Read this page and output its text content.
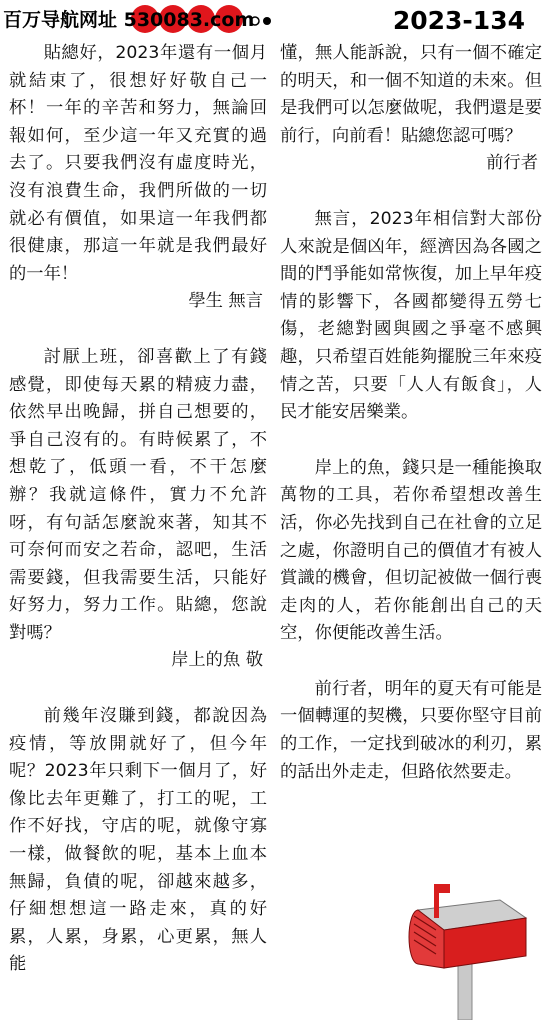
百万导航网址 530083.com	2023-134

貼總好，2023年還有一個月就結束了，很想好好敬自己一杯！一年的辛苦和努力，無論回報如何，至少這一年又充實的過去了。只要我們沒有虛度時光，沒有浪費生命，我們所做的一切就必有價值，如果這一年我們都很健康，那這一年就是我們最好的一年！

學生 無言

討厭上班，卻喜歡上了有錢感覺，即使每天累的精疲力盡，依然早出晚歸，拼自己想要的，爭自己沒有的。有時候累了，不想乾了，低頭一看，不干怎麼辦？我就這條件，實力不允許呀，有句話怎麼說來著，知其不可奈何而安之若命，認吧，生活需要錢，但我需要生活，只能好好努力，努力工作。貼總，您說對嗎？

岸上的魚 敬

前幾年沒賺到錢，都說因為疫情，等放開就好了，但今年呢？2023年只剩下一個月了，好像比去年更難了，打工的呢，工作不好找，守店的呢，就像守寡一樣，做餐飲的呢，基本上血本無歸，負債的呢，卻越來越多，仔細想想這一路走來，真的好累，人累，身累，心更累，無人能

懂，無人能訴說，只有一個不確定的明天，和一個不知道的未來。但是我們可以怎麼做呢，我們還是要前行，向前看！貼總您認可嗎？

前行者

無言，2023年相信對大部份人來說是個凶年，經濟因為各國之間的鬥爭能如常恢復，加上早年疫情的影響下，各國都變得五勞七傷，老總對國與國之爭毫不感興趣，只希望百姓能夠擺脫三年來疫情之苦，只要「人人有飯食」，人民才能安居樂業。

岸上的魚，錢只是一種能換取萬物的工具，若你希望想改善生活，你必先找到自己在社會的立足之處，你證明自己的價值才有被人賞識的機會，但切記被做一個行喪走肉的人，若你能創出自己的天空，你便能改善生活。

前行者，明年的夏天有可能是一個轉運的契機，只要你堅守目前的工作，一定找到破冰的利刃，累的話出外走走，但路依然要走。
